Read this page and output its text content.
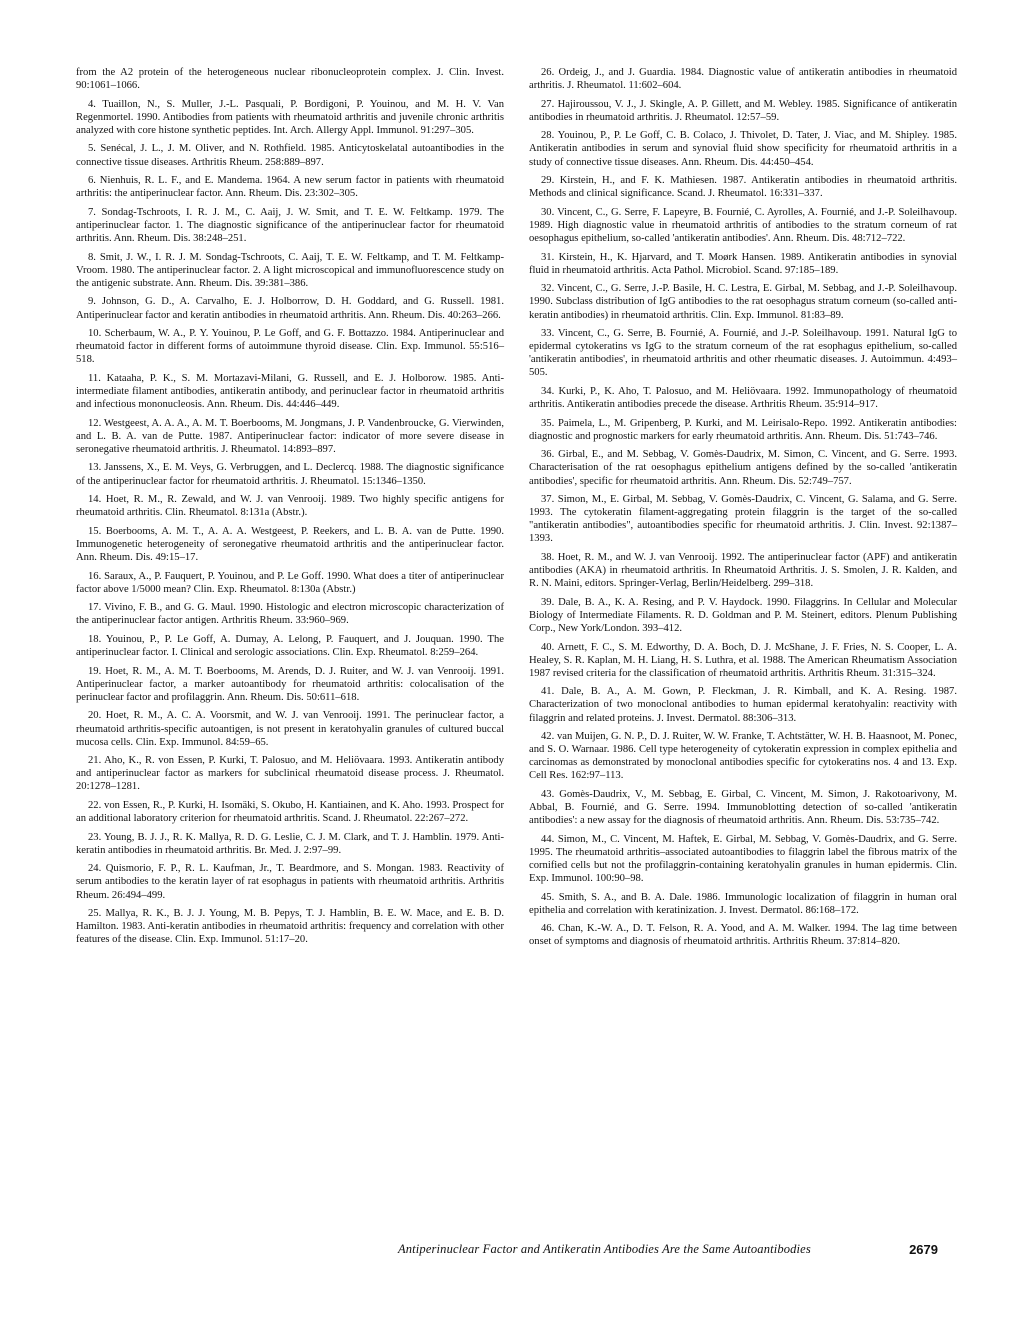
from the A2 protein of the heterogeneous nuclear ribonucleoprotein complex. J. Clin. Invest. 90:1061–1066.

4. Tuaillon, N., S. Muller, J.-L. Pasquali, P. Bordigoni, P. Youinou, and M. H. V. Van Regenmortel. 1990. Antibodies from patients with rheumatoid arthritis and juvenile chronic arthritis analyzed with core histone synthetic peptides. Int. Arch. Allergy Appl. Immunol. 91:297–305.

5. Senécal, J. L., J. M. Oliver, and N. Rothfield. 1985. Anticytoskelatal autoantibodies in the connective tissue diseases. Arthritis Rheum. 258:889–897.

6. Nienhuis, R. L. F., and E. Mandema. 1964. A new serum factor in patients with rheumatoid arthritis: the antiperinuclear factor. Ann. Rheum. Dis. 23:302–305.

7. Sondag-Tschroots, I. R. J. M., C. Aaij, J. W. Smit, and T. E. W. Feltkamp. 1979. The antiperinuclear factor. 1. The diagnostic significance of the antiperinuclear factor for rheumatoid arthritis. Ann. Rheum. Dis. 38:248–251.

8. Smit, J. W., I. R. J. M. Sondag-Tschroots, C. Aaij, T. E. W. Feltkamp, and T. M. Feltkamp-Vroom. 1980. The antiperinuclear factor. 2. A light microscopical and immunofluorescence study on the antigenic substrate. Ann. Rheum. Dis. 39:381–386.

9. Johnson, G. D., A. Carvalho, E. J. Holborrow, D. H. Goddard, and G. Russell. 1981. Antiperinuclear factor and keratin antibodies in rheumatoid arthritis. Ann. Rheum. Dis. 40:263–266.

10. Scherbaum, W. A., P. Y. Youinou, P. Le Goff, and G. F. Bottazzo. 1984. Antiperinuclear and rheumatoid factor in different forms of autoimmune thyroid disease. Clin. Exp. Immunol. 55:516–518.

11. Kataaha, P. K., S. M. Mortazavi-Milani, G. Russell, and E. J. Holborow. 1985. Anti-intermediate filament antibodies, antikeratin antibody, and perinuclear factor in rheumatoid arthritis and infectious mononucleosis. Ann. Rheum. Dis. 44:446–449.

12. Westgeest, A. A. A., A. M. T. Boerbooms, M. Jongmans, J. P. Vandenbroucke, G. Vierwinden, and L. B. A. van de Putte. 1987. Antiperinuclear factor: indicator of more severe disease in seronegative rheumatoid arthritis. J. Rheumatol. 14:893–897.

13. Janssens, X., E. M. Veys, G. Verbruggen, and L. Declercq. 1988. The diagnostic significance of the antiperinuclear factor for rheumatoid arthritis. J. Rheumatol. 15:1346–1350.

14. Hoet, R. M., R. Zewald, and W. J. van Venrooij. 1989. Two highly specific antigens for rheumatoid arthritis. Clin. Rheumatol. 8:131a (Abstr.).

15. Boerbooms, A. M. T., A. A. A. Westgeest, P. Reekers, and L. B. A. van de Putte. 1990. Immunogenetic heterogeneity of seronegative rheumatoid arthritis and the antiperinuclear factor. Ann. Rheum. Dis. 49:15–17.

16. Saraux, A., P. Fauquert, P. Youinou, and P. Le Goff. 1990. What does a titer of antiperinuclear factor above 1/5000 mean? Clin. Exp. Rheumatol. 8:130a (Abstr.)

17. Vivino, F. B., and G. G. Maul. 1990. Histologic and electron microscopic characterization of the antiperinuclear factor antigen. Arthritis Rheum. 33:960–969.

18. Youinou, P., P. Le Goff, A. Dumay, A. Lelong, P. Fauquert, and J. Jouquan. 1990. The antiperinuclear factor. I. Clinical and serologic associations. Clin. Exp. Rheumatol. 8:259–264.

19. Hoet, R. M., A. M. T. Boerbooms, M. Arends, D. J. Ruiter, and W. J. van Venrooij. 1991. Antiperinuclear factor, a marker autoantibody for rheumatoid arthritis: colocalisation of the perinuclear factor and profilaggrin. Ann. Rheum. Dis. 50:611–618.

20. Hoet, R. M., A. C. A. Voorsmit, and W. J. van Venrooij. 1991. The perinuclear factor, a rheumatoid arthritis-specific autoantigen, is not present in keratohyalin granules of cultured buccal mucosa cells. Clin. Exp. Immunol. 84:59–65.

21. Aho, K., R. von Essen, P. Kurki, T. Palosuo, and M. Heliövaara. 1993. Antikeratin antibody and antiperinuclear factor as markers for subclinical rheumatoid disease process. J. Rheumatol. 20:1278–1281.

22. von Essen, R., P. Kurki, H. Isomäki, S. Okubo, H. Kantiainen, and K. Aho. 1993. Prospect for an additional laboratory criterion for rheumatoid arthritis. Scand. J. Rheumatol. 22:267–272.

23. Young, B. J. J., R. K. Mallya, R. D. G. Leslie, C. J. M. Clark, and T. J. Hamblin. 1979. Anti-keratin antibodies in rheumatoid arthritis. Br. Med. J. 2:97–99.

24. Quismorio, F. P., R. L. Kaufman, Jr., T. Beardmore, and S. Mongan. 1983. Reactivity of serum antibodies to the keratin layer of rat esophagus in patients with rheumatoid arthritis. Arthritis Rheum. 26:494–499.

25. Mallya, R. K., B. J. J. Young, M. B. Pepys, T. J. Hamblin, B. E. W. Mace, and E. B. D. Hamilton. 1983. Anti-keratin antibodies in rheumatoid arthritis: frequency and correlation with other features of the disease. Clin. Exp. Immunol. 51:17–20.

26. Ordeig, J., and J. Guardia. 1984. Diagnostic value of antikeratin antibodies in rheumatoid arthritis. J. Rheumatol. 11:602–604.

27. Hajiroussou, V. J., J. Skingle, A. P. Gillett, and M. Webley. 1985. Significance of antikeratin antibodies in rheumatoid arthritis. J. Rheumatol. 12:57–59.

28. Youinou, P., P. Le Goff, C. B. Colaco, J. Thivolet, D. Tater, J. Viac, and M. Shipley. 1985. Antikeratin antibodies in serum and synovial fluid show specificity for rheumatoid arthritis in a study of connective tissue diseases. Ann. Rheum. Dis. 44:450–454.

29. Kirstein, H., and F. K. Mathiesen. 1987. Antikeratin antibodies in rheumatoid arthritis. Methods and clinical significance. Scand. J. Rheumatol. 16:331–337.

30. Vincent, C., G. Serre, F. Lapeyre, B. Fournié, C. Ayrolles, A. Fournié, and J.-P. Soleilhavoup. 1989. High diagnostic value in rheumatoid arthritis of antibodies to the stratum corneum of rat oesophagus epithelium, so-called 'antikeratin antibodies'. Ann. Rheum. Dis. 48:712–722.

31. Kirstein, H., K. Hjarvard, and T. Moørk Hansen. 1989. Antikeratin antibodies in synovial fluid in rheumatoid arthritis. Acta Pathol. Microbiol. Scand. 97:185–189.

32. Vincent, C., G. Serre, J.-P. Basile, H. C. Lestra, E. Girbal, M. Sebbag, and J.-P. Soleilhavoup. 1990. Subclass distribution of IgG antibodies to the rat oesophagus stratum corneum (so-called anti-keratin antibodies) in rheumatoid arthritis. Clin. Exp. Immunol. 81:83–89.

33. Vincent, C., G. Serre, B. Fournié, A. Fournié, and J.-P. Soleilhavoup. 1991. Natural IgG to epidermal cytokeratins vs IgG to the stratum corneum of the rat esophagus epithelium, so-called 'antikeratin antibodies', in rheumatoid arthritis and other rheumatic diseases. J. Autoimmun. 4:493–505.

34. Kurki, P., K. Aho, T. Palosuo, and M. Heliövaara. 1992. Immunopathology of rheumatoid arthritis. Antikeratin antibodies precede the disease. Arthritis Rheum. 35:914–917.

35. Paimela, L., M. Gripenberg, P. Kurki, and M. Leirisalo-Repo. 1992. Antikeratin antibodies: diagnostic and prognostic markers for early rheumatoid arthritis. Ann. Rheum. Dis. 51:743–746.

36. Girbal, E., and M. Sebbag, V. Gomès-Daudrix, M. Simon, C. Vincent, and G. Serre. 1993. Characterisation of the rat oesophagus epithelium antigens defined by the so-called 'antikeratin antibodies', specific for rheumatoid arthritis. Ann. Rheum. Dis. 52:749–757.

37. Simon, M., E. Girbal, M. Sebbag, V. Gomès-Daudrix, C. Vincent, G. Salama, and G. Serre. 1993. The cytokeratin filament-aggregating protein filaggrin is the target of the so-called "antikeratin antibodies", autoantibodies specific for rheumatoid arthritis. J. Clin. Invest. 92:1387–1393.

38. Hoet, R. M., and W. J. van Venrooij. 1992. The antiperinuclear factor (APF) and antikeratin antibodies (AKA) in rheumatoid arthritis. In Rheumatoid Arthritis. J. S. Smolen, J. R. Kalden, and R. N. Maini, editors. Springer-Verlag, Berlin/Heidelberg. 299–318.

39. Dale, B. A., K. A. Resing, and P. V. Haydock. 1990. Filaggrins. In Cellular and Molecular Biology of Intermediate Filaments. R. D. Goldman and P. M. Steinert, editors. Plenum Publishing Corp., New York/London. 393–412.

40. Arnett, F. C., S. M. Edworthy, D. A. Boch, D. J. McShane, J. F. Fries, N. S. Cooper, L. A. Healey, S. R. Kaplan, M. H. Liang, H. S. Luthra, et al. 1988. The American Rheumatism Association 1987 revised criteria for the classification of rheumatoid arthritis. Arthritis Rheum. 31:315–324.

41. Dale, B. A., A. M. Gown, P. Fleckman, J. R. Kimball, and K. A. Resing. 1987. Characterization of two monoclonal antibodies to human epidermal keratohyalin: reactivity with filaggrin and related proteins. J. Invest. Dermatol. 88:306–313.

42. van Muijen, G. N. P., D. J. Ruiter, W. W. Franke, T. Achtstätter, W. H. B. Haasnoot, M. Ponec, and S. O. Warnaar. 1986. Cell type heterogeneity of cytokeratin expression in complex epithelia and carcinomas as demonstrated by monoclonal antibodies specific for cytokeratins nos. 4 and 13. Exp. Cell Res. 162:97–113.

43. Gomès-Daudrix, V., M. Sebbag, E. Girbal, C. Vincent, M. Simon, J. Rakotoarivony, M. Abbal, B. Fournié, and G. Serre. 1994. Immunoblotting detection of so-called 'antikeratin antibodies': a new assay for the diagnosis of rheumatoid arthritis. Ann. Rheum. Dis. 53:735–742.

44. Simon, M., C. Vincent, M. Haftek, E. Girbal, M. Sebbag, V. Gomès-Daudrix, and G. Serre. 1995. The rheumatoid arthritis–associated autoantibodies to filaggrin label the fibrous matrix of the cornified cells but not the profilaggrin-containing keratohyalin granules in human epidermis. Clin. Exp. Immunol. 100:90–98.

45. Smith, S. A., and B. A. Dale. 1986. Immunologic localization of filaggrin in human oral epithelia and correlation with keratinization. J. Invest. Dermatol. 86:168–172.

46. Chan, K.-W. A., D. T. Felson, R. A. Yood, and A. M. Walker. 1994. The lag time between onset of symptoms and diagnosis of rheumatoid arthritis. Arthritis Rheum. 37:814–820.

Antiperinuclear Factor and Antikeratin Antibodies Are the Same Autoantibodies	2679
